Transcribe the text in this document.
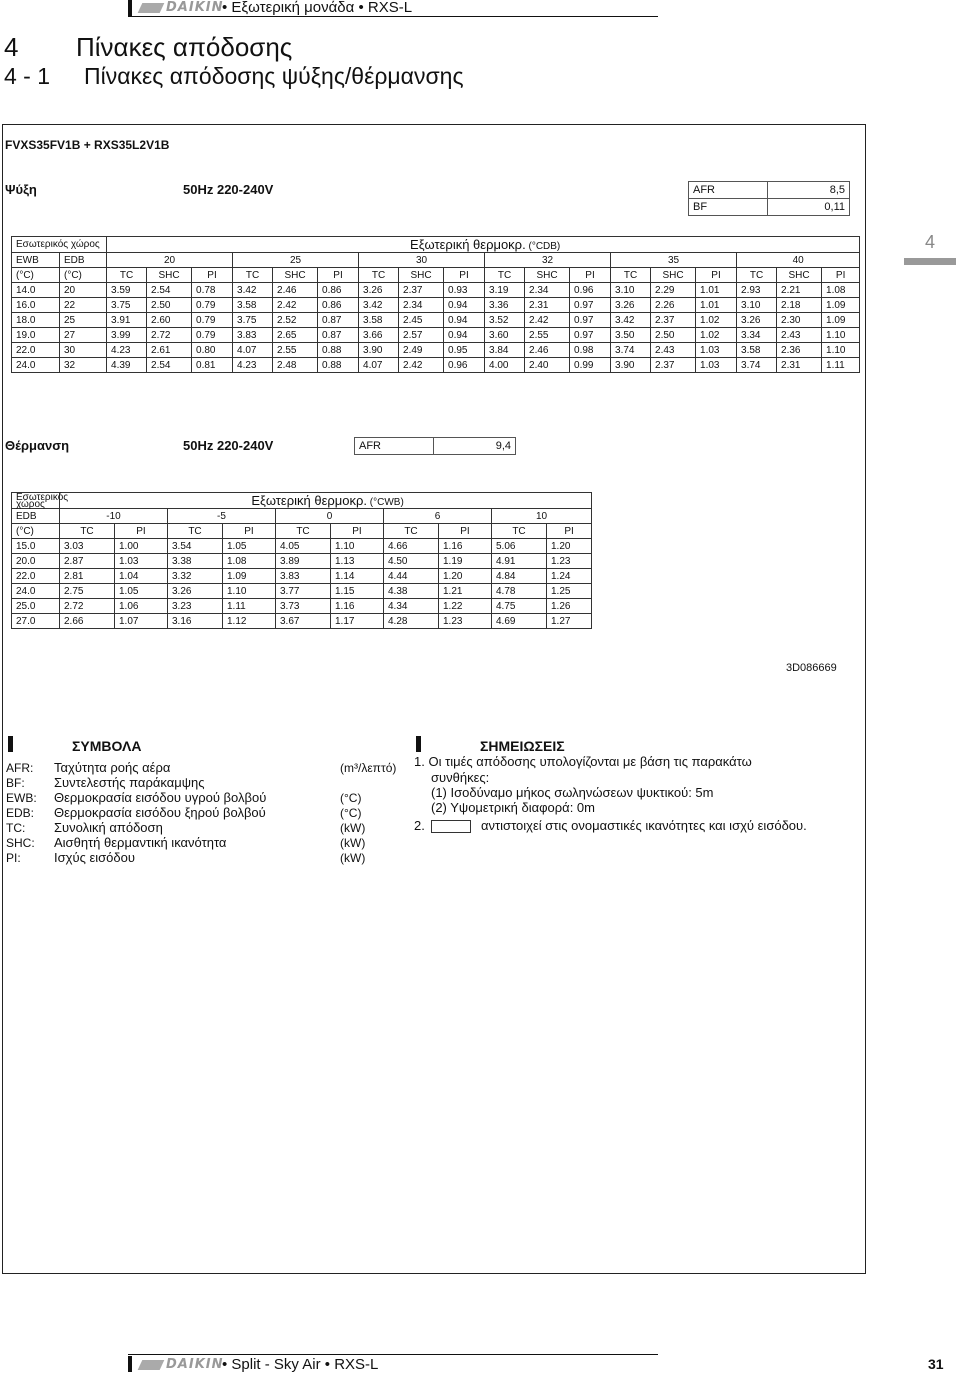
DAIKIN
• Εξωτερική μονάδα • RXS-L
4 Πίνακες απόδοσης
4 - 1 Πίνακες απόδοσης ψύξης/θέρμανσης
4
FVXS35FV1B + RXS35L2V1B
Ψύξη	50Hz 220-240V	AFR	8,5
BF	0,11
Εσωτερικός χώρος		Εξωτερική θερμοκρ. (°CDB)																	
EWB	EDB	20			25			30			32			35			40		
(°C)	(°C)	TC	SHC	PI	TC	SHC	PI	TC	SHC	PI	TC	SHC	PI	TC	SHC	PI	TC	SHC	PI
14.0	20	3.59	2.54	0.78	3.42	2.46	0.86	3.26	2.37	0.93	3.19	2.34	0.96	3.10	2.29	1.01	2.93	2.21	1.08
16.0	22	3.75	2.50	0.79	3.58	2.42	0.86	3.42	2.34	0.94	3.36	2.31	0.97	3.26	2.26	1.01	3.10	2.18	1.09
18.0	25	3.91	2.60	0.79	3.75	2.52	0.87	3.58	2.45	0.94	3.52	2.42	0.97	3.42	2.37	1.02	3.26	2.30	1.09
19.0	27	3.99	2.72	0.79	3.83	2.65	0.87	3.66	2.57	0.94	3.60	2.55	0.97	3.50	2.50	1.02	3.34	2.43	1.10
22.0	30	4.23	2.61	0.80	4.07	2.55	0.88	3.90	2.49	0.95	3.84	2.46	0.98	3.74	2.43	1.03	3.58	2.36	1.10
24.0	32	4.39	2.54	0.81	4.23	2.48	0.88	4.07	2.42	0.96	4.00	2.40	0.99	3.90	2.37	1.03	3.74	2.31	1.11
Θέρμανση	50Hz 220-240V	AFR	9,4
Εσωτερικός χώρος	Εξωτερική θερμοκρ. (°CWB)									
EDB	-10		-5		0		6		10	
(°C)	TC	PI	TC	PI	TC	PI	TC	PI	TC	PI
15.0	3.03	1.00	3.54	1.05	4.05	1.10	4.66	1.16	5.06	1.20
20.0	2.87	1.03	3.38	1.08	3.89	1.13	4.50	1.19	4.91	1.23
22.0	2.81	1.04	3.32	1.09	3.83	1.14	4.44	1.20	4.84	1.24
24.0	2.75	1.05	3.26	1.10	3.77	1.15	4.38	1.21	4.78	1.25
25.0	2.72	1.06	3.23	1.11	3.73	1.16	4.34	1.22	4.75	1.26
27.0	2.66	1.07	3.16	1.12	3.67	1.17	4.28	1.23	4.69	1.27
3D086669
ΣΥΜΒΟΛΑ
AFR: Ταχύτητα ροής αέρα	(m³/λεπτό)
BF: Συντελεστής παράκαμψης
EWB: Θερμοκρασία εισόδου υγρού βολβού	(°C)
EDB: Θερμοκρασία εισόδου ξηρού βολβού	(°C)
TC: Συνολική απόδοση	(kW)
SHC: Αισθητή θερμαντική ικανότητα	(kW)
PI:	Ισχύς εισόδου	(kW)
ΣΗΜΕΙΩΣΕΙΣ
1. Οι τιμές απόδοσης υπολογίζονται με βάση τις παρακάτω
συνθήκες:
(1) Ισοδύναμο μήκος σωληνώσεων ψυκτικού: 5m
(2) Υψομετρική διαφορά: 0m
2.	αντιστοιχεί στις ονομαστικές ικανότητες και ισχύ εισόδου.
DAIKIN
• Split - Sky Air • RXS-L	31
